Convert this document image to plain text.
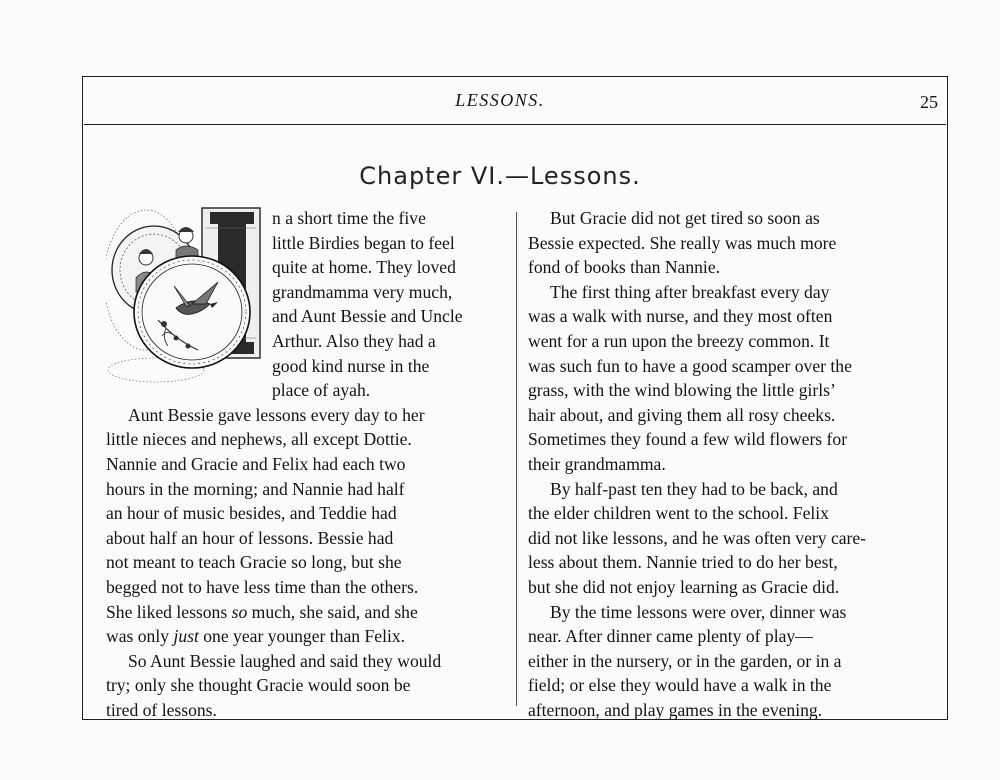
LESSONS.	25
Chapter VI.—Lessons.

n a short time the five
little Birdies began to feel
quite at home. They loved
grandmamma very much,
and Aunt Bessie and Uncle
Arthur. Also they had a
good kind nurse in the
place of ayah.

Aunt Bessie gave lessons every day to her
little nieces and nephews, all except Dottie.
Nannie and Gracie and Felix had each two
hours in the morning; and Nannie had half
an hour of music besides, and Teddie had
about half an hour of lessons. Bessie had
not meant to teach Gracie so long, but she
begged not to have less time than the others.
She liked lessons so much, she said, and she
was only just one year younger than Felix.

So Aunt Bessie laughed and said they would
try; only she thought Gracie would soon be
tired of lessons.

But Gracie did not get tired so soon as
Bessie expected. She really was much more
fond of books than Nannie.

The first thing after breakfast every day
was a walk with nurse, and they most often
went for a run upon the breezy common. It
was such fun to have a good scamper over the
grass, with the wind blowing the little girls’
hair about, and giving them all rosy cheeks.
Sometimes they found a few wild flowers for
their grandmamma.

By half-past ten they had to be back, and
the elder children went to the school. Felix
did not like lessons, and he was often very care-
less about them. Nannie tried to do her best,
but she did not enjoy learning as Gracie did.

By the time lessons were over, dinner was
near. After dinner came plenty of play—
either in the nursery, or in the garden, or in a
field; or else they would have a walk in the
afternoon, and play games in the evening.
